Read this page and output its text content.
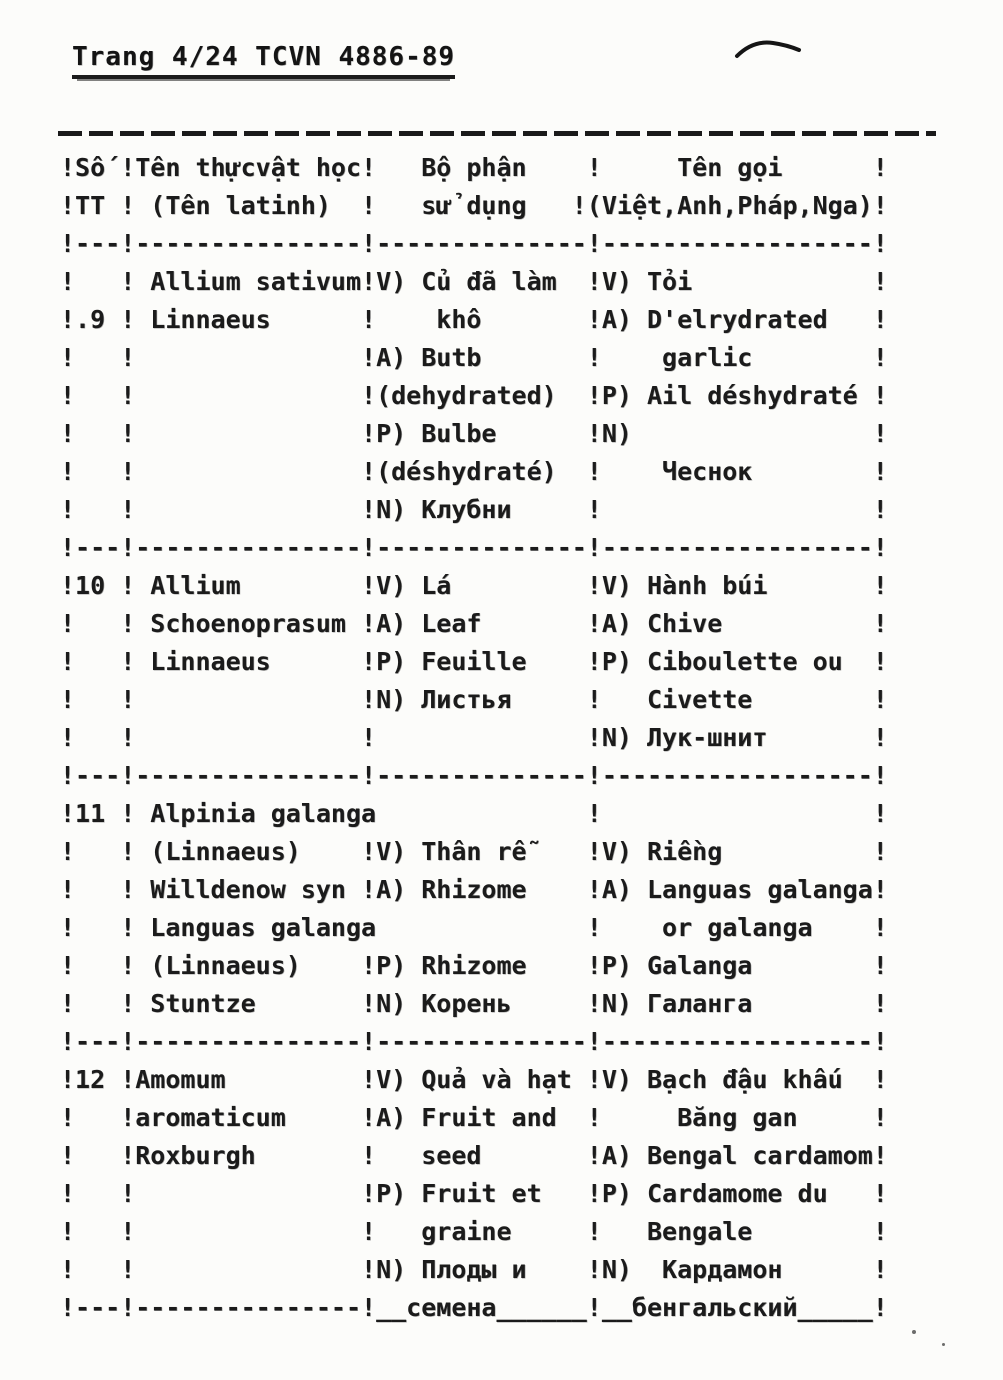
Trang 4/24 TCVN 4886-89
!Số !Tên thựcvật học!   Bộ phận    !     Tên gọi      !
!TT ! (Tên latinh)  !   sử dụng   !(Việt,Anh,Pháp,Nga)!
!---!---------------!--------------!------------------!
!   ! Allium sativum!V) Củ đã làm  !V) Tỏi            !
!.9 ! Linnaeus      !    khô       !A) D'elrydrated   !
!   !               !A) Butb       !    garlic        !
!   !               !(dehydrated)  !P) Ail déshydraté !
!   !               !P) Bulbe      !N)                !
!   !               !(déshydraté)  !    Чеснок        !
!   !               !N) Клубни     !                  !
!---!---------------!--------------!------------------!
!10 ! Allium        !V) Lá         !V) Hành búi       !
!   ! Schoenoprasum !A) Leaf       !A) Chive          !
!   ! Linnaeus      !P) Feuille    !P) Ciboulette ou  !
!   !               !N) Листья     !   Civette        !
!   !               !              !N) Лук-шнит       !
!---!---------------!--------------!------------------!
!11 ! Alpinia galanga              !                  !
!   ! (Linnaeus)    !V) Thân rễ    !V) Riềng          !
!   ! Willdenow syn !A) Rhizome    !A) Languas galanga!
!   ! Languas galanga              !    or galanga    !
!   ! (Linnaeus)    !P) Rhizome    !P) Galanga        !
!   ! Stuntze       !N) Корень     !N) Галанга        !
!---!---------------!--------------!------------------!
!12 !Amomum         !V) Quả và hạt !V) Bạch đậu khấu  !
!   !aromaticum     !A) Fruit and  !     Băng gan     !
!   !Roxburgh       !   seed       !A) Bengal cardamom!
!   !               !P) Fruit et   !P) Cardamome du   !
!   !               !   graine     !   Bengale        !
!   !               !N) Плоды и    !N)  Кардамон      !
!---!---------------!__семена______!__бенгальский_____!
